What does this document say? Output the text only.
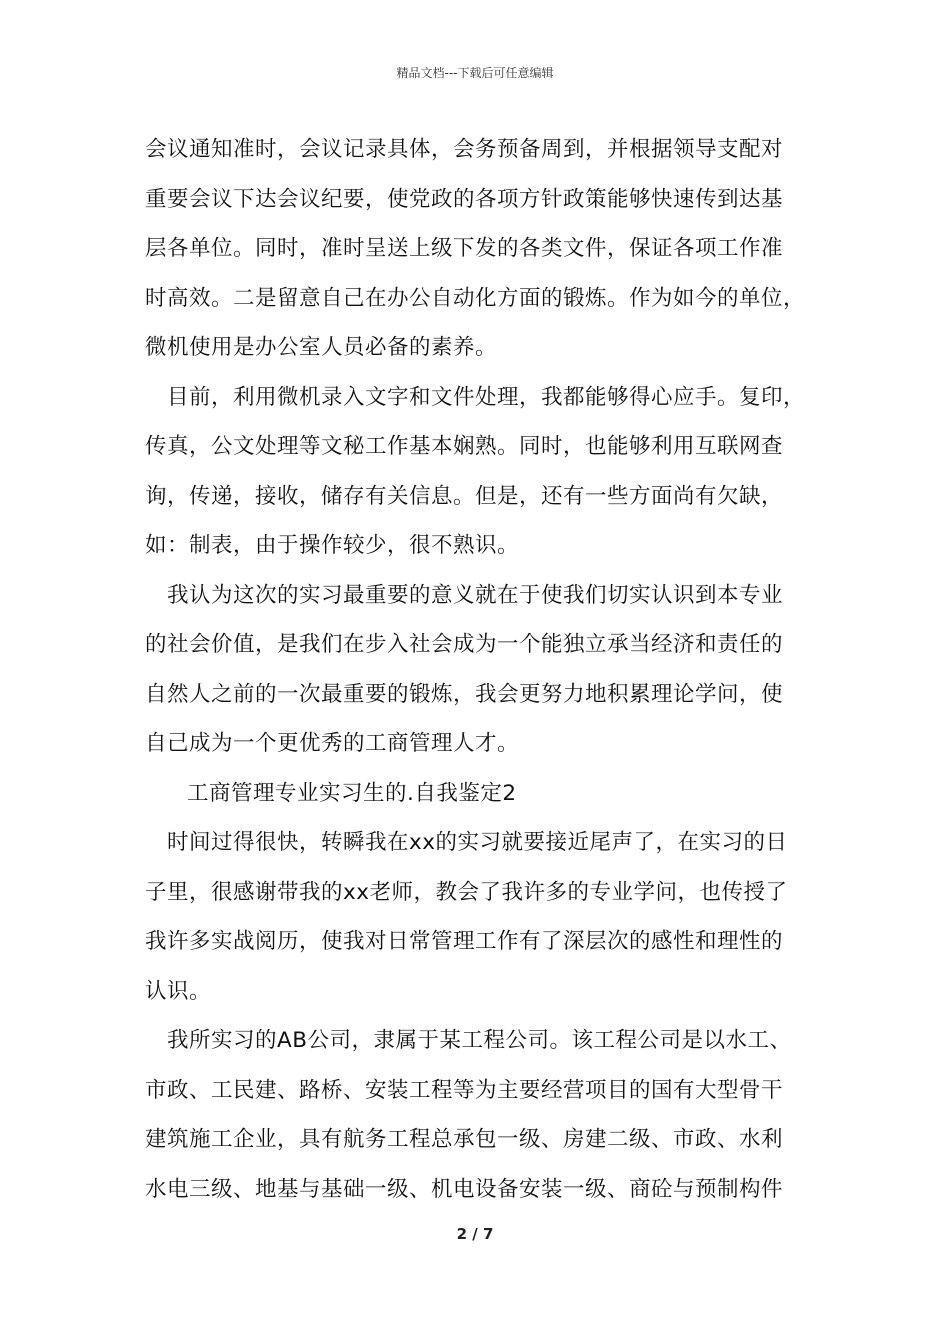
精品文档---下载后可任意编辑
会议通知准时，会议记录具体，会务预备周到，并根据领导支配对
重要会议下达会议纪要，使党政的各项方针政策能够快速传到达基
层各单位。同时，准时呈送上级下发的各类文件，保证各项工作准
时高效。二是留意自己在办公自动化方面的锻炼。作为如今的单位，
微机使用是办公室人员必备的素养。
目前，利用微机录入文字和文件处理，我都能够得心应手。复印，
传真，公文处理等文秘工作基本娴熟。同时，也能够利用互联网查
询，传递，接收，储存有关信息。但是，还有一些方面尚有欠缺，
如：制表，由于操作较少，很不熟识。
我认为这次的实习最重要的意义就在于使我们切实认识到本专业
的社会价值，是我们在步入社会成为一个能独立承当经济和责任的
自然人之前的一次最重要的锻炼，我会更努力地积累理论学问，使
自己成为一个更优秀的工商管理人才。
工商管理专业实习生的.自我鉴定2
时间过得很快，转瞬我在xx的实习就要接近尾声了，在实习的日
子里，很感谢带我的xx老师，教会了我许多的专业学问，也传授了
我许多实战阅历，使我对日常管理工作有了深层次的感性和理性的
认识。
我所实习的AB公司，隶属于某工程公司。该工程公司是以水工、
市政、工民建、路桥、安装工程等为主要经营项目的国有大型骨干
建筑施工企业，具有航务工程总承包一级、房建二级、市政、水利
水电三级、地基与基础一级、机电设备安装一级、商砼与预制构件
2 / 7
